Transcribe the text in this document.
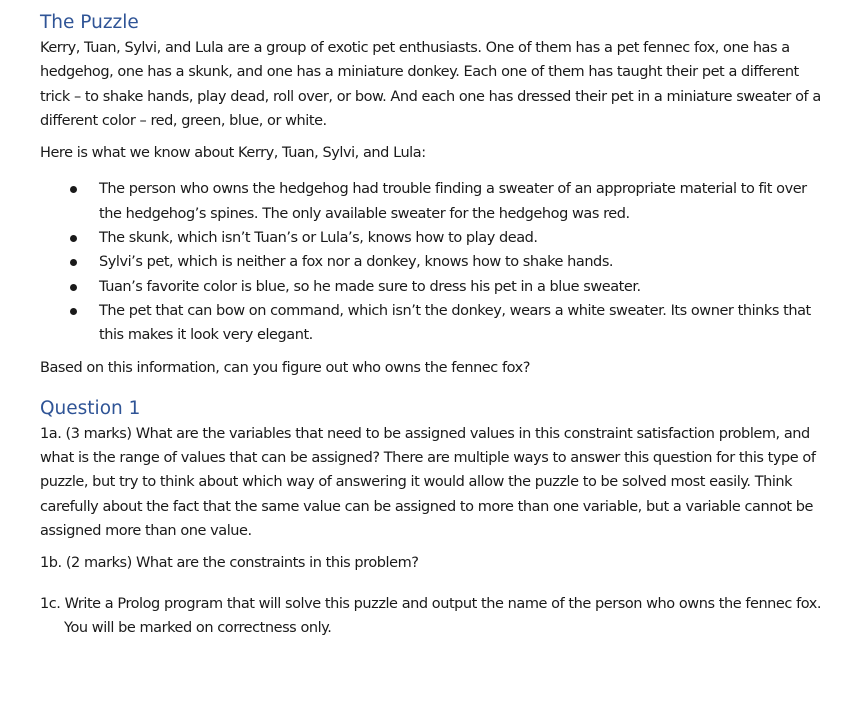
The Puzzle

Kerry, Tuan, Sylvi, and Lula are a group of exotic pet enthusiasts. One of them has a pet fennec fox, one has a hedgehog, one has a skunk, and one has a miniature donkey. Each one of them has taught their pet a different trick – to shake hands, play dead, roll over, or bow. And each one has dressed their pet in a miniature sweater of a different color – red, green, blue, or white.

Here is what we know about Kerry, Tuan, Sylvi, and Lula:

The person who owns the hedgehog had trouble finding a sweater of an appropriate material to fit over the hedgehog’s spines. The only available sweater for the hedgehog was red.
The skunk, which isn’t Tuan’s or Lula’s, knows how to play dead.
Sylvi’s pet, which is neither a fox nor a donkey, knows how to shake hands.
Tuan’s favorite color is blue, so he made sure to dress his pet in a blue sweater.
The pet that can bow on command, which isn’t the donkey, wears a white sweater. Its owner thinks that this makes it look very elegant.

Based on this information, can you figure out who owns the fennec fox?

Question 1

1a. (3 marks) What are the variables that need to be assigned values in this constraint satisfaction problem, and what is the range of values that can be assigned? There are multiple ways to answer this question for this type of puzzle, but try to think about which way of answering it would allow the puzzle to be solved most easily. Think carefully about the fact that the same value can be assigned to more than one variable, but a variable cannot be assigned more than one value.

1b. (2 marks) What are the constraints in this problem?

1c. Write a Prolog program that will solve this puzzle and output the name of the person who owns the fennec fox. You will be marked on correctness only.
